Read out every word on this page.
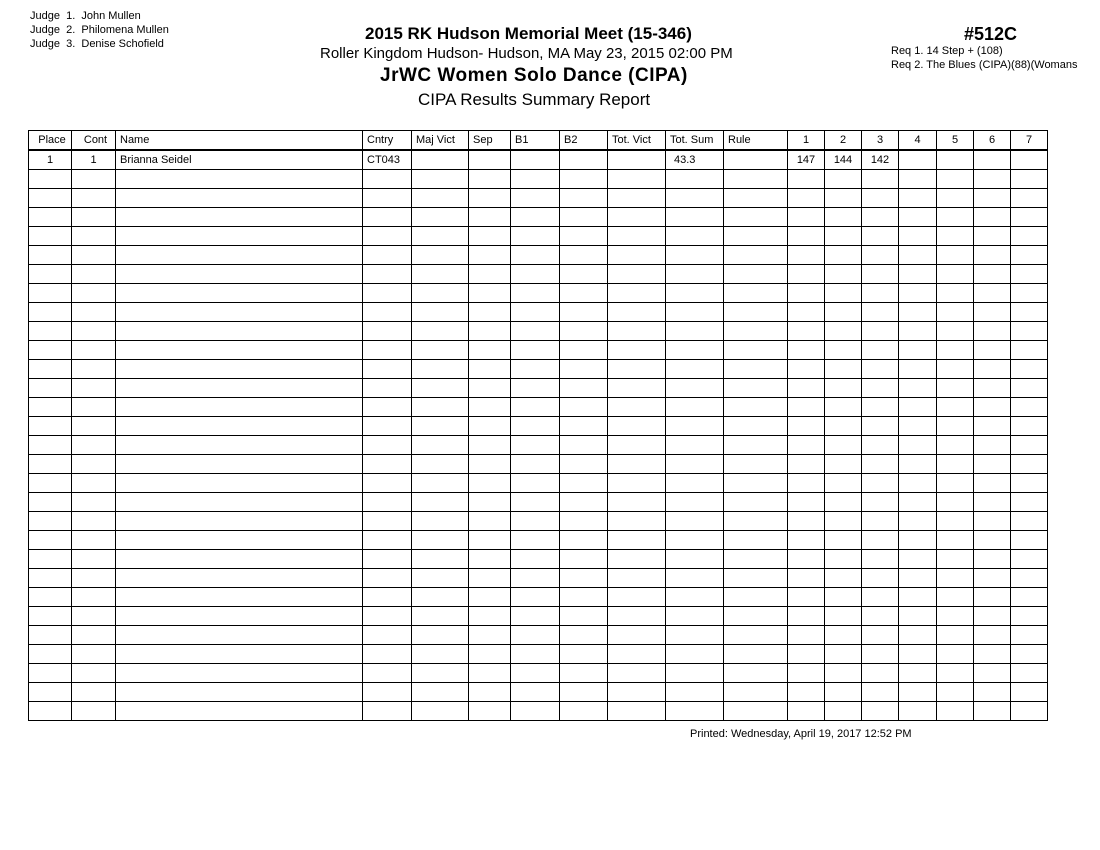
Judge  1.  John Mullen
Judge  2.  Philomena Mullen
Judge  3.  Denise Schofield
2015 RK Hudson Memorial Meet (15-346)
Roller Kingdom Hudson- Hudson, MA May 23, 2015 02:00 PM
JrWC Women Solo Dance (CIPA)
CIPA Results Summary Report
#512C
Req 1. 14 Step + (108)
Req 2. The Blues (CIPA)(88)(Womans
Place	Cont	Name	Cntry	Maj Vict	Sep	B1	B2	Tot. Vict	Tot. Sum	Rule	1	2	3	4	5	6	7
1	1	Brianna Seidel	CT043						43.3		147	144	142				

Printed: Wednesday, April 19, 2017 12:52 PM
